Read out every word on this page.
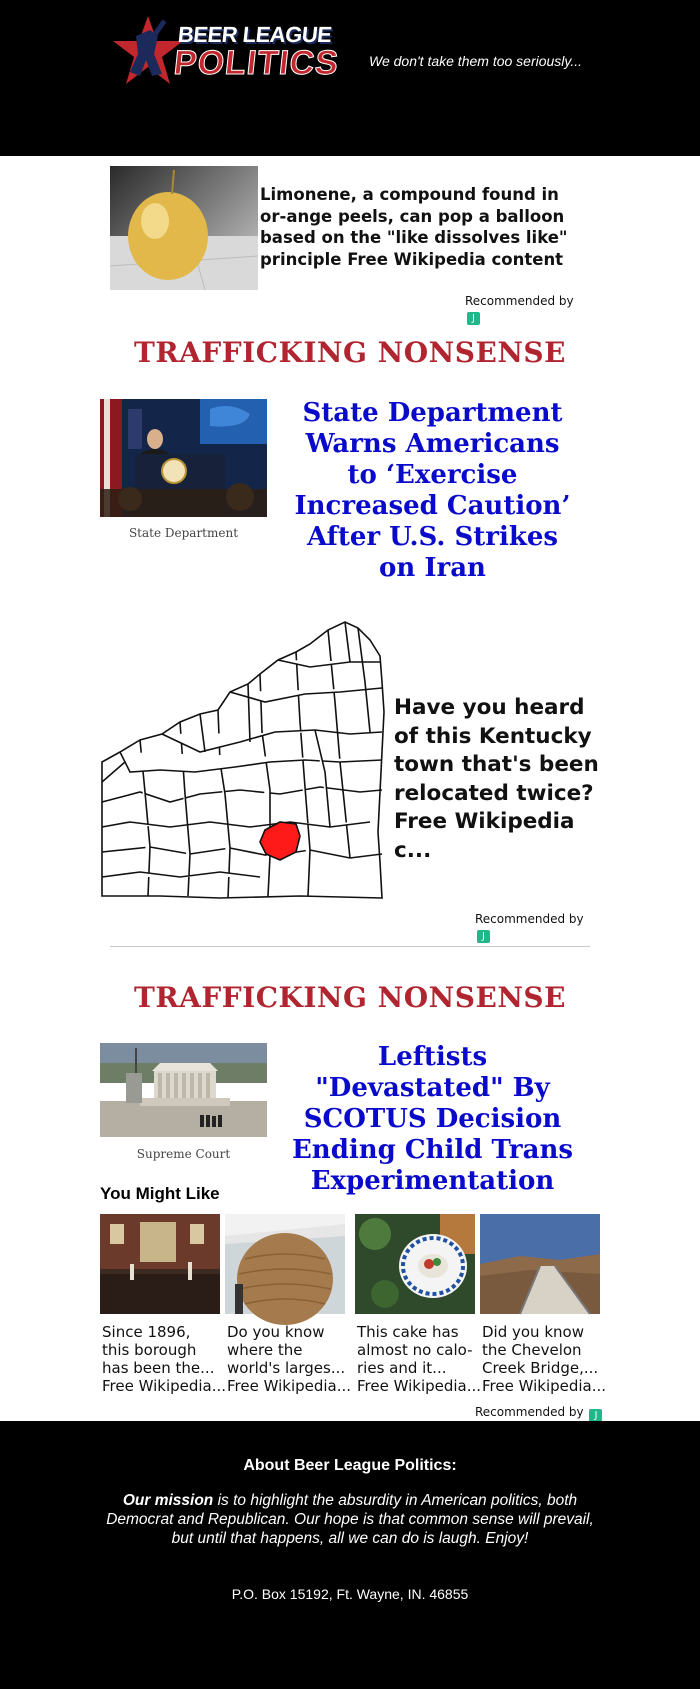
BEER LEAGUE
POLITICS We don't take them too seriously...
Limonene, a compound found in or-ange peels, can pop a balloon based on the "like dissolves like" principle Free Wikipedia content
Recommended by J
TRAFFICKING NONSENSE
State Department
State Department Warns Americans to ‘Exercise Increased Caution’ After U.S. Strikes on Iran
Have you heard of this Kentucky town that's been relocated twice? Free Wikipedia c...
Recommended by J
TRAFFICKING NONSENSE
Supreme Court
Leftists "Devastated" By SCOTUS Decision Ending Child Trans Experimentation
You Might Like
Since 1896,
this borough
has been the...
Free Wikipedia...
Do you know
where the
world's larges...
Free Wikipedia...
This cake has
almost no calo-
ries and it...
Free Wikipedia...
Did you know
the Chevelon
Creek Bridge,...
Free Wikipedia...
Recommended by J
About Beer League Politics:
Our mission is to highlight the absurdity in American politics, both Democrat and Republican. Our hope is that common sense will prevail, but until that happens, all we can do is laugh. Enjoy!
P.O. Box 15192, Ft. Wayne, IN. 46855
